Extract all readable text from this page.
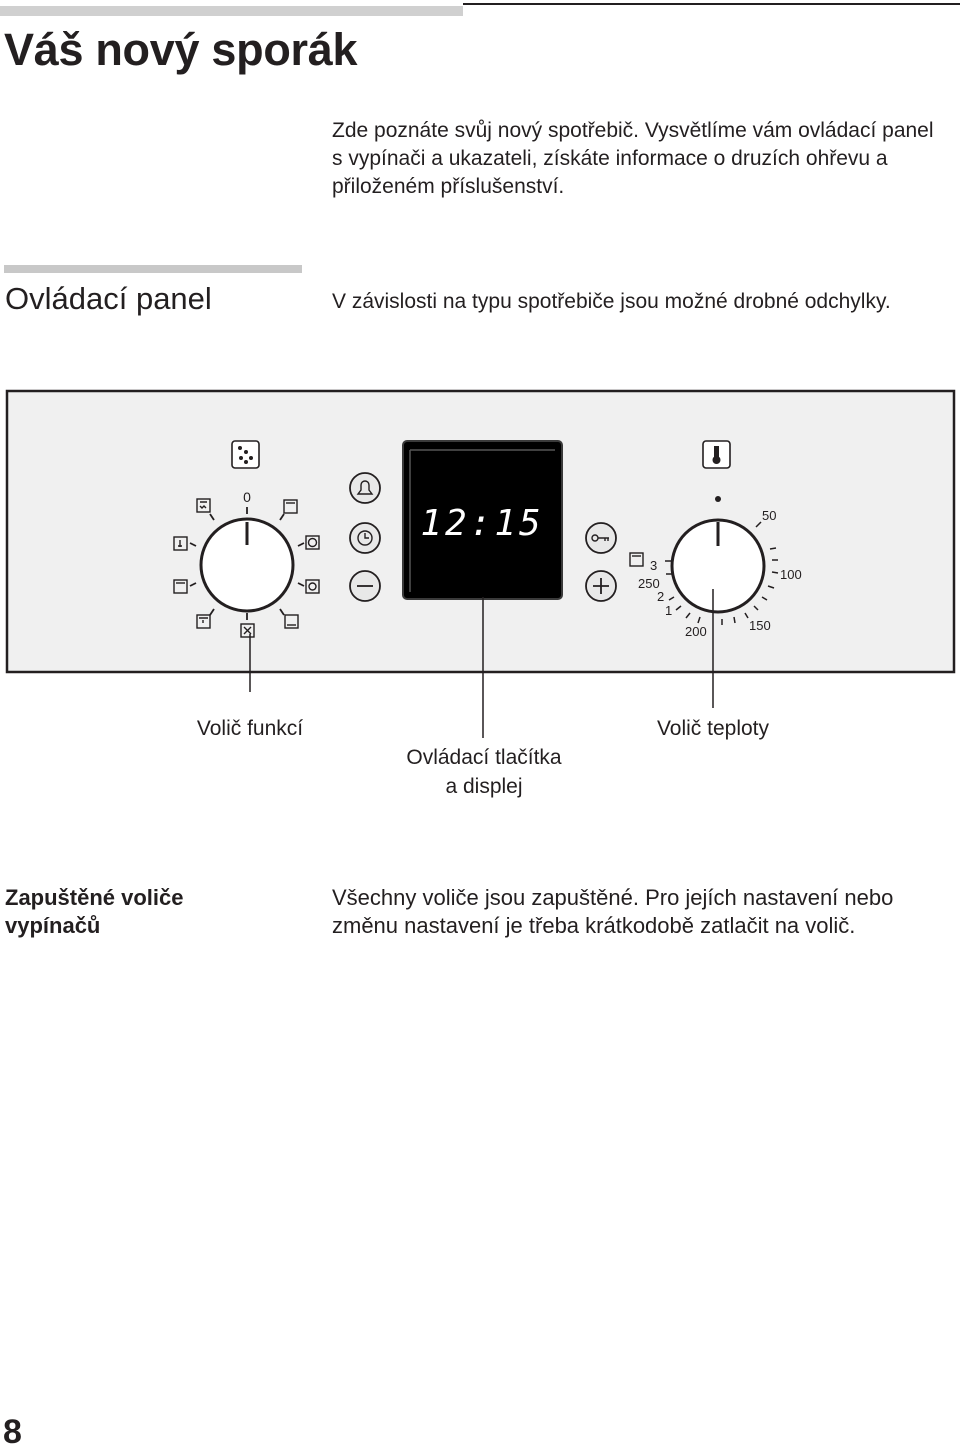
Váš nový sporák
Zde poznáte svůj nový spotřebič. Vysvětlíme vám ovládací panel s vypínači a ukazateli, získáte informace o druzích ohřevu a přiloženém příslušenství.
Ovládací panel	V závislosti na typu spotřebiče jsou možné drobné odchylky.
0
12:15	50
100
150
200
1
2
250
3
Volič funkcí
Ovládací tlačítka
a displej
Volič teploty
Zapuštěné voliče
vypínačů
Všechny voliče jsou zapuštěné. Pro jejích nastavení nebo změnu nastavení je třeba krátkodobě zatlačit na volič.
8
